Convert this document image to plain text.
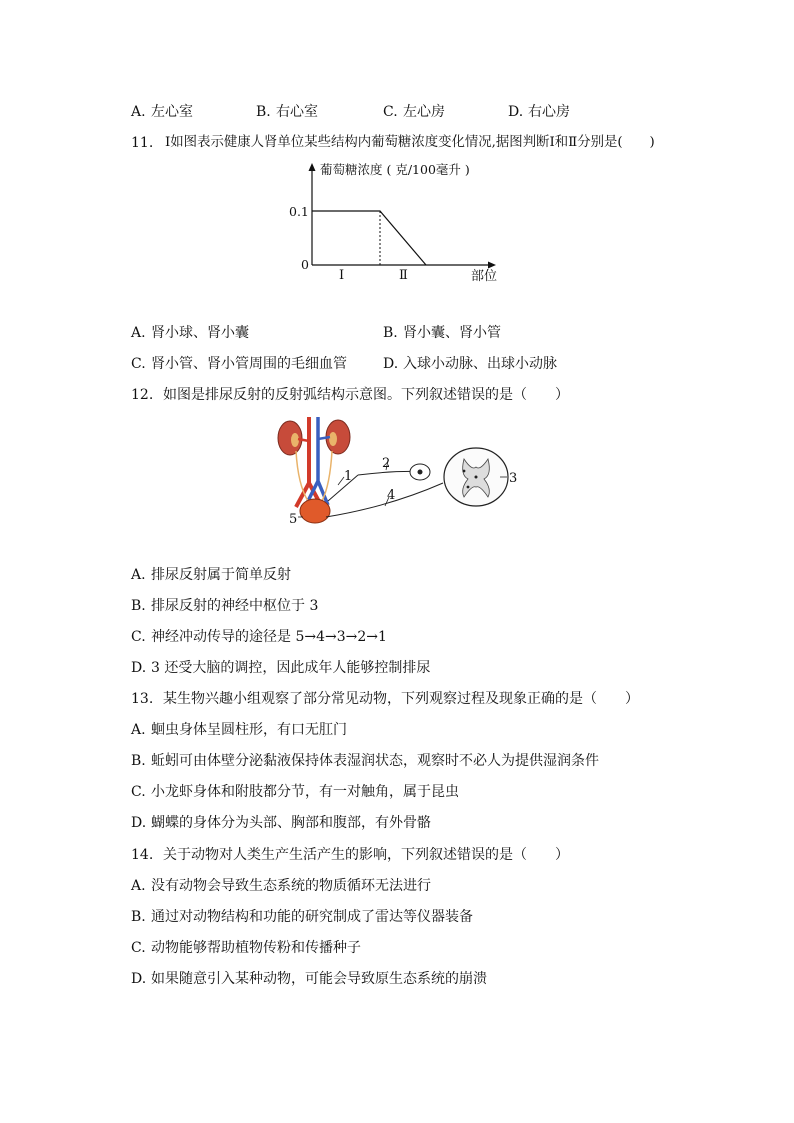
A. 左心室	B. 右心室	C. 左心房	D. 右心房
11. I如图表示健康人肾单位某些结构内葡萄糖浓度变化情况,据图判断I和Ⅱ分别是(　　)
葡萄糖浓度 ( 克/100毫升 )
0.1
0
I	Ⅱ	部位
A. 肾小球、肾小囊	B. 肾小囊、肾小管
C. 肾小管、肾小管周围的毛细血管	D. 入球小动脉、出球小动脉
12. 如图是排尿反射的反射弧结构示意图。下列叙述错误的是（　　）
1
2
3
4
5
A. 排尿反射属于简单反射
B. 排尿反射的神经中枢位于 3
C. 神经冲动传导的途径是 5→4→3→2→1
D. 3 还受大脑的调控，因此成年人能够控制排尿
13. 某生物兴趣小组观察了部分常见动物，下列观察过程及现象正确的是（　　）
A. 蛔虫身体呈圆柱形，有口无肛门
B. 蚯蚓可由体壁分泌黏液保持体表湿润状态，观察时不必人为提供湿润条件
C. 小龙虾身体和附肢都分节，有一对触角，属于昆虫
D. 蝴蝶的身体分为头部、胸部和腹部，有外骨骼
14. 关于动物对人类生产生活产生的影响，下列叙述错误的是（　　）
A. 没有动物会导致生态系统的物质循环无法进行
B. 通过对动物结构和功能的研究制成了雷达等仪器装备
C. 动物能够帮助植物传粉和传播种子
D. 如果随意引入某种动物，可能会导致原生态系统的崩溃
